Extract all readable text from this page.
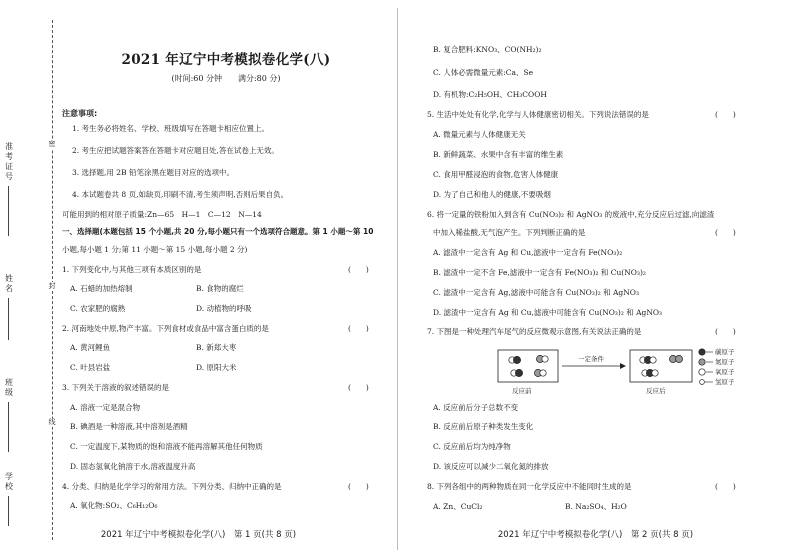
密
封
线
准考证号
姓名
班级
学校
2021 年辽宁中考模拟卷化学(八)
(时间:60 分钟　　满分:80 分)
注意事项:
1. 考生务必将姓名、学校、班级填写在答题卡相应位置上。
2. 考生应把试题答案答在答题卡对应题目处,答在试卷上无效。
3. 选择题,用 2B 铅笔涂黑在题目对应的选项中。
4. 本试题卷共 8 页,如缺页,印刷不清,考生须声明,否则后果自负。
可能用到的相对原子质量:Zn—65　H—1　C—12　N—14
一、选择题(本题包括 15 个小题,共 20 分,每小题只有一个选项符合题意。第 1 小题～第 10
小题,每小题 1 分;第 11 小题～第 15 小题,每小题 2 分)
1. 下列变化中,与其他三项有本质区别的是	(　　)
A. 石蜡的加热熔制	B. 食物的腐烂
C. 农家肥的腐熟	D. 动植物的呼吸
2. 河南地处中原,物产丰富。下列食材或食品中富含蛋白质的是	(　　)
A. 黄河鲤鱼	B. 新郑大枣
C. 叶县岩盐	D. 原阳大米
3. 下列关于溶液的叙述错误的是	(　　)
A. 溶液一定是混合物
B. 碘酒是一种溶液,其中溶剂是酒精
C. 一定温度下,某物质的饱和溶液不能再溶解其他任何物质
D. 固态氢氧化钠溶于水,溶液温度升高
4. 分类、归纳是化学学习的常用方法。下列分类、归纳中正确的是	(　　)
A. 氧化物:SO₂、C₆H₁₂O₆
2021 年辽宁中考模拟卷化学(八)　第 1 页(共 8 页)
B. 复合肥料:KNO₃、CO(NH₂)₂
C. 人体必需微量元素:Ca、Se
D. 有机物:C₂H₅OH、CH₃COOH
5. 生活中处处有化学,化学与人体健康密切相关。下列说法错误的是	(　　)
A. 微量元素与人体健康无关
B. 新鲜蔬菜、水果中含有丰富的维生素
C. 食用甲醛浸泡的食物,危害人体健康
D. 为了自己和他人的健康,不要吸烟
6. 将一定量的铁粉加入到含有 Cu(NO₃)₂ 和 AgNO₃ 的废液中,充分反应后过滤,向滤渣
中加入稀盐酸,无气泡产生。下列判断正确的是	(　　)
A. 滤渣中一定含有 Ag 和 Cu,滤液中一定含有 Fe(NO₃)₂
B. 滤渣中一定不含 Fe,滤液中一定含有 Fe(NO₃)₂ 和 Cu(NO₃)₂
C. 滤渣中一定含有 Ag,滤液中可能含有 Cu(NO₃)₂ 和 AgNO₃
D. 滤渣中一定含有 Ag 和 Cu,滤液中可能含有 Cu(NO₃)₂ 和 AgNO₃
7. 下图是一种处理汽车尾气的反应微观示意图,有关说法正确的是	(　　)
A. 反应前后分子总数不变
B. 反应前后原子种类发生变化
C. 反应前后均为纯净物
D. 该反应可以减少二氧化氮的排放
8. 下列各组中的两种物质在同一化学反应中不能同时生成的是	(　　)
A. Zn、CuCl₂	B. Na₂SO₄、H₂O
2021 年辽宁中考模拟卷化学(八)　第 2 页(共 8 页)
一定条件
反应前	反应后
碳原子
氮原子
氧原子
氢原子
